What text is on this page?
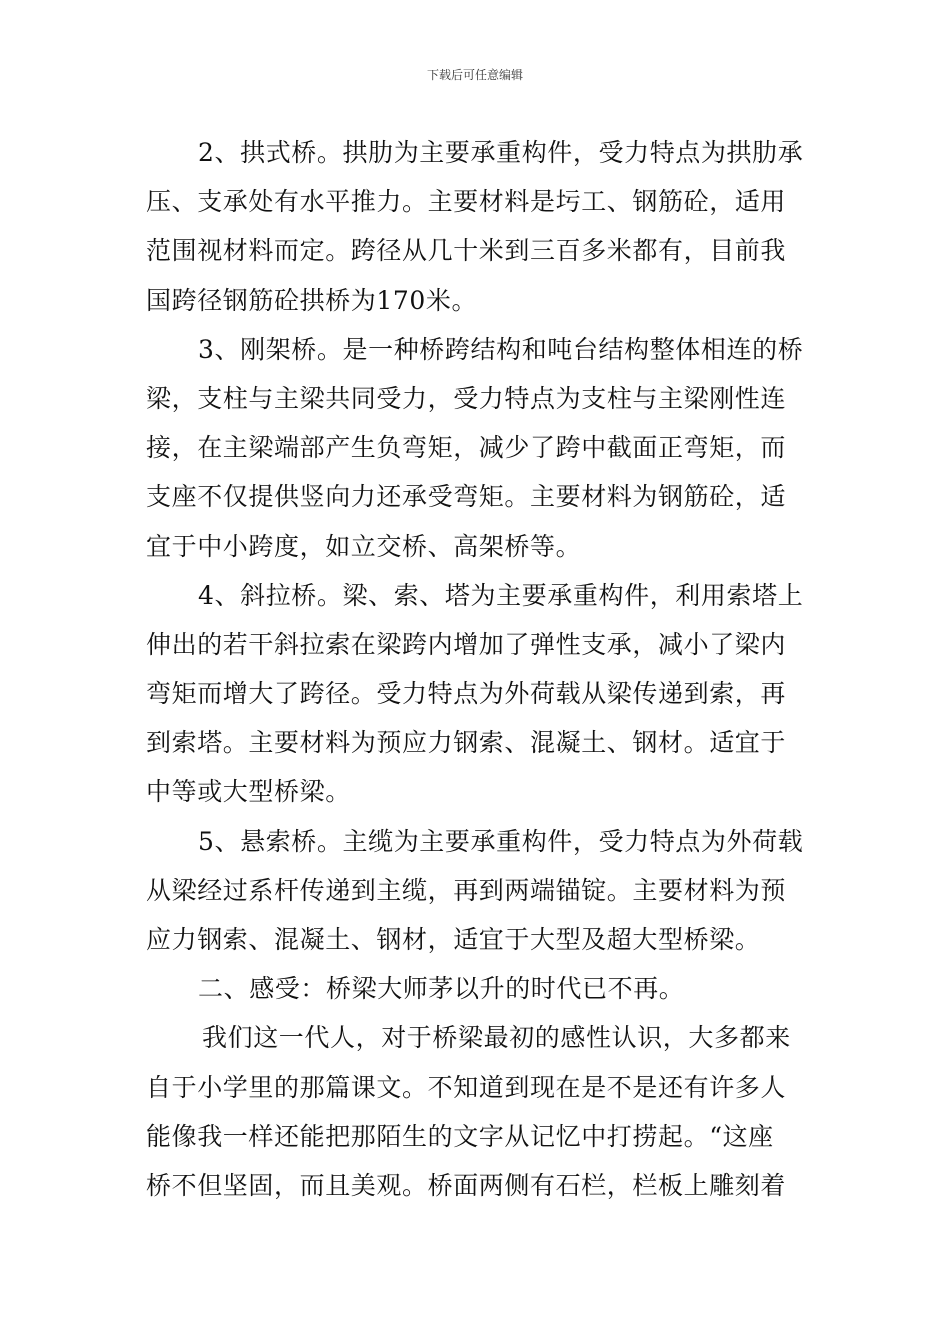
下载后可任意编辑
2、拱式桥。拱肋为主要承重构件，受力特点为拱肋承
压、支承处有水平推力。主要材料是圬工、钢筋砼，适用
范围视材料而定。跨径从几十米到三百多米都有，目前我
国跨径钢筋砼拱桥为170米。
3、刚架桥。是一种桥跨结构和吨台结构整体相连的桥
梁，支柱与主梁共同受力，受力特点为支柱与主梁刚性连
接，在主梁端部产生负弯矩，减少了跨中截面正弯矩，而
支座不仅提供竖向力还承受弯矩。主要材料为钢筋砼，适
宜于中小跨度，如立交桥、高架桥等。
4、斜拉桥。梁、索、塔为主要承重构件，利用索塔上
伸出的若干斜拉索在梁跨内增加了弹性支承，减小了梁内
弯矩而增大了跨径。受力特点为外荷载从梁传递到索，再
到索塔。主要材料为预应力钢索、混凝土、钢材。适宜于
中等或大型桥梁。
5、悬索桥。主缆为主要承重构件，受力特点为外荷载
从梁经过系杆传递到主缆，再到两端锚锭。主要材料为预
应力钢索、混凝土、钢材，适宜于大型及超大型桥梁。
二、感受：桥梁大师茅以升的时代已不再。
我们这一代人，对于桥梁最初的感性认识，大多都来
自于小学里的那篇课文。不知道到现在是不是还有许多人
能像我一样还能把那陌生的文字从记忆中打捞起。“这座
桥不但坚固，而且美观。桥面两侧有石栏，栏板上雕刻着
